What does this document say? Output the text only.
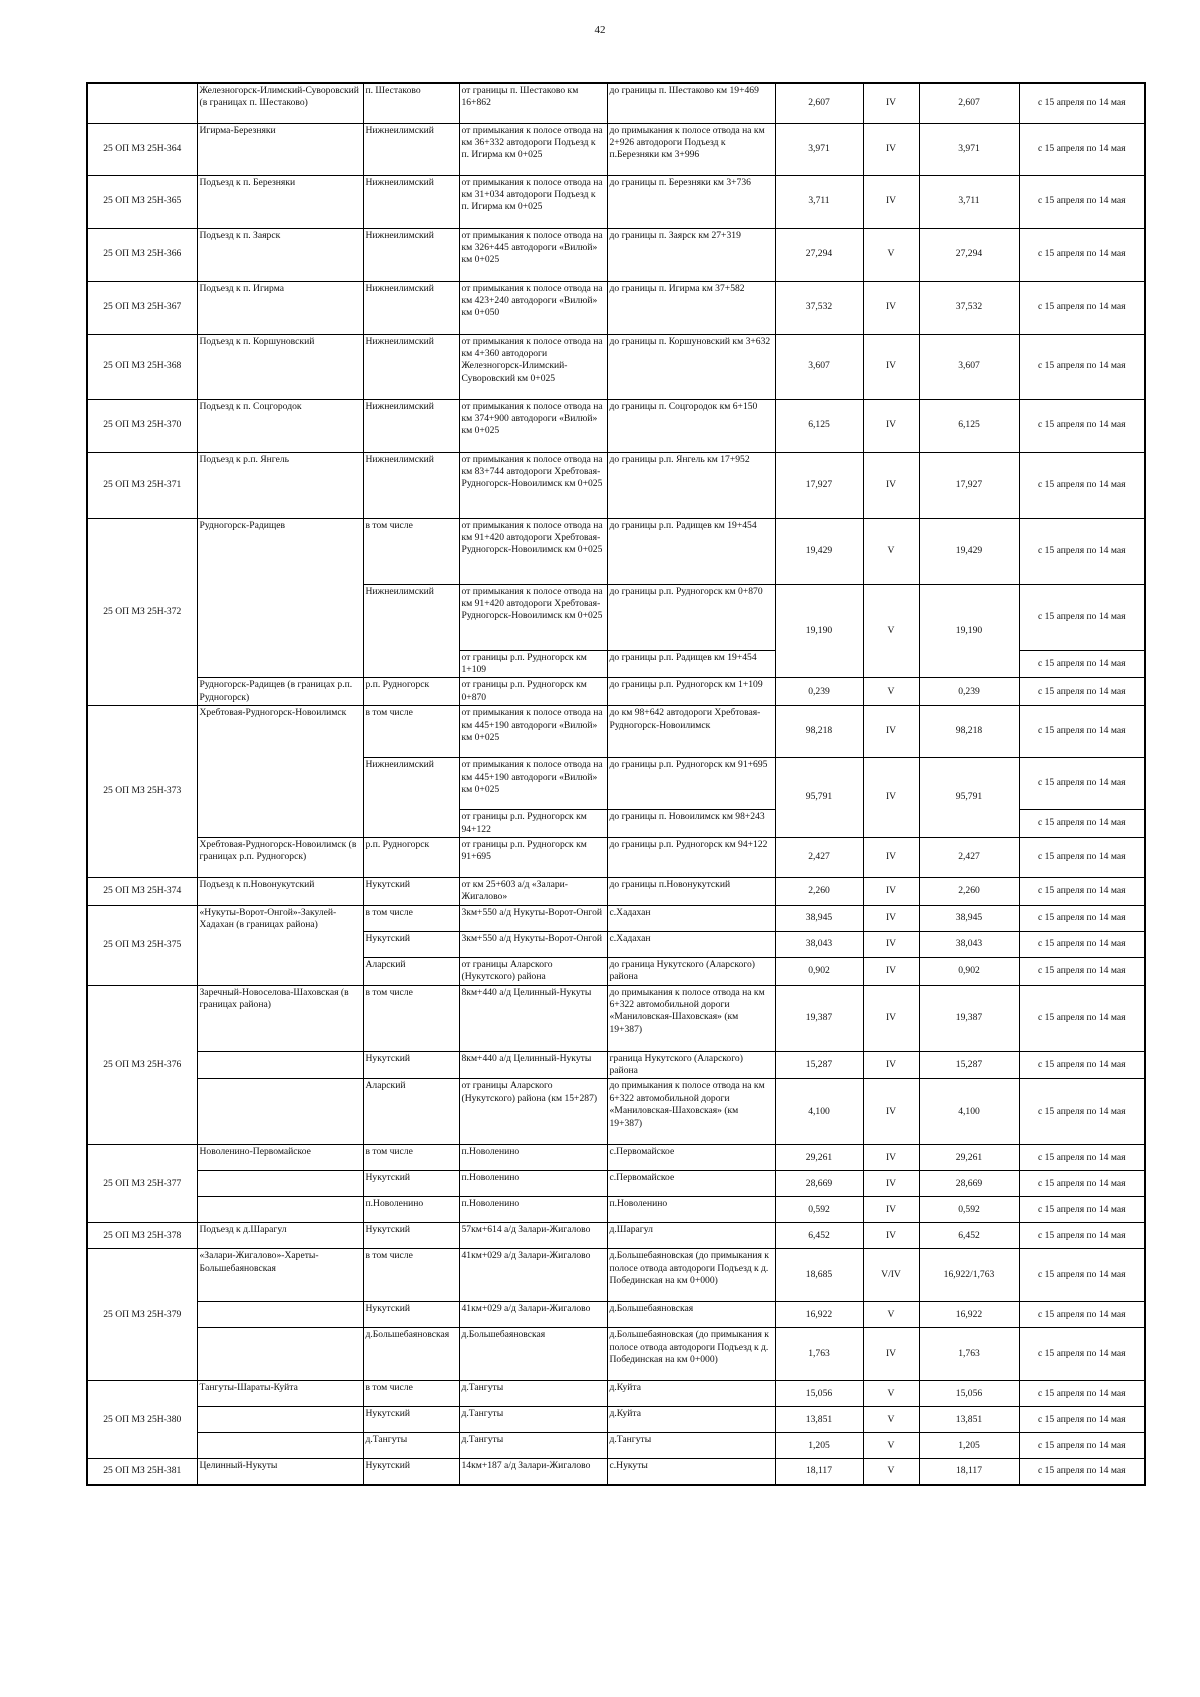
42
	Железногорск-Илимский-Суворовский (в границах п. Шестаково)	п. Шестаково	от границы п. Шестаково км 16+862	до границы п. Шестаково км 19+469	2,607	IV	2,607	с 15 апреля по 14 мая
25 ОП МЗ 25Н-364	Игирма-Березняки	Нижнеилимский	от примыкания к полосе отвода на км 36+332 автодороги Подъезд к п. Игирма км 0+025	до примыкания к полосе отвода на км 2+926 автодороги Подъезд к п.Березняки км 3+996	3,971	IV	3,971	с 15 апреля по 14 мая
25 ОП МЗ 25Н-365	Подъезд к п. Березняки	Нижнеилимский	от примыкания к полосе отвода на км 31+034 автодороги Подъезд к п. Игирма км 0+025	до границы п. Березняки км 3+736	3,711	IV	3,711	с 15 апреля по 14 мая
25 ОП МЗ 25Н-366	Подъезд к п. Заярск	Нижнеилимский	от примыкания к полосе отвода на км 326+445 автодороги «Вилюй» км 0+025	до границы п. Заярск км 27+319	27,294	V	27,294	с 15 апреля по 14 мая
25 ОП МЗ 25Н-367	Подъезд к п. Игирма	Нижнеилимский	от примыкания к полосе отвода на км 423+240 автодороги «Вилюй» км 0+050	до границы п. Игирма км 37+582	37,532	IV	37,532	с 15 апреля по 14 мая
25 ОП МЗ 25Н-368	Подъезд к п. Коршуновский	Нижнеилимский	от примыкания к полосе отвода на км 4+360 автодороги Железногорск-Илимский-Суворовский км 0+025	до границы п. Коршуновский км 3+632	3,607	IV	3,607	с 15 апреля по 14 мая
25 ОП МЗ 25Н-370	Подъезд к п. Соцгородок	Нижнеилимский	от примыкания к полосе отвода на км 374+900 автодороги «Вилюй» км 0+025	до границы п. Соцгородок км 6+150	6,125	IV	6,125	с 15 апреля по 14 мая
25 ОП МЗ 25Н-371	Подъезд к р.п. Янгель	Нижнеилимский	от примыкания к полосе отвода на км 83+744 автодороги Хребтовая-Рудногорск-Новоилимск км 0+025	до границы р.п. Янгель км 17+952	17,927	IV	17,927	с 15 апреля по 14 мая
25 ОП МЗ 25Н-372	Рудногорск-Радищев	в том числе	от примыкания к полосе отвода на км 91+420 автодороги Хребтовая-Рудногорск-Новоилимск км 0+025	до границы р.п. Радищев км 19+454	19,429	V	19,429	с 15 апреля по 14 мая
		Нижнеилимский	от примыкания к полосе отвода на км 91+420 автодороги Хребтовая-Рудногорск-Новоилимск км 0+025	до границы р.п. Рудногорск км 0+870	19,190	V	19,190	с 15 апреля по 14 мая
			от границы р.п. Рудногорск км 1+109	до границы р.п. Радищев км 19+454				с 15 апреля по 14 мая
	Рудногорск-Радищев (в границах р.п. Рудногорск)	р.п. Рудногорск	от границы р.п. Рудногорск км 0+870	до границы р.п. Рудногорск км 1+109	0,239	V	0,239	с 15 апреля по 14 мая
25 ОП МЗ 25Н-373	Хребтовая-Рудногорск-Новоилимск	в том числе	от примыкания к полосе отвода на км 445+190 автодороги «Вилюй» км 0+025	до км 98+642 автодороги Хребтовая-Рудногорск-Новоилимск	98,218	IV	98,218	с 15 апреля по 14 мая
		Нижнеилимский	от примыкания к полосе отвода на км 445+190 автодороги «Вилюй» км 0+025	до границы р.п. Рудногорск км 91+695	95,791	IV	95,791	с 15 апреля по 14 мая
			от границы р.п. Рудногорск км 94+122	до границы п. Новоилимск км 98+243				с 15 апреля по 14 мая
	Хребтовая-Рудногорск-Новоилимск (в границах р.п. Рудногорск)	р.п. Рудногорск	от границы р.п. Рудногорск км 91+695	до границы р.п. Рудногорск км 94+122	2,427	IV	2,427	с 15 апреля по 14 мая
25 ОП МЗ 25Н-374	Подъезд к п.Новонукутский	Нукутский	от км 25+603 а/д «Залари-Жигалово»	до границы п.Новонукутский	2,260	IV	2,260	с 15 апреля по 14 мая
25 ОП МЗ 25Н-375	«Нукуты-Ворот-Онгой»-Закулей-Хадахан (в границах района)	в том числе	3км+550 а/д Нукуты-Ворот-Онгой	с.Хадахан	38,945	IV	38,945	с 15 апреля по 14 мая
		Нукутский	3км+550 а/д Нукуты-Ворот-Онгой	с.Хадахан	38,043	IV	38,043	с 15 апреля по 14 мая
		Аларский	от границы Аларского (Нукутского) района	до граница Нукутского (Аларского) района	0,902	IV	0,902	с 15 апреля по 14 мая
25 ОП МЗ 25Н-376	Заречный-Новоселова-Шаховская (в границах района)	в том числе	8км+440 а/д Целинный-Нукуты	до примыкания к полосе отвода на км 6+322 автомобильной дороги «Маниловская-Шаховская» (км 19+387)	19,387	IV	19,387	с 15 апреля по 14 мая
		Нукутский	8км+440 а/д Целинный-Нукуты	граница Нукутского (Аларского) района	15,287	IV	15,287	с 15 апреля по 14 мая
		Аларский	от границы Аларского (Нукутского) района (км 15+287)	до примыкания к полосе отвода на км 6+322 автомобильной дороги «Маниловская-Шаховская» (км 19+387)	4,100	IV	4,100	с 15 апреля по 14 мая
25 ОП МЗ 25Н-377	Новоленино-Первомайское	в том числе	п.Новоленино	с.Первомайское	29,261	IV	29,261	с 15 апреля по 14 мая
		Нукутский	п.Новоленино	с.Первомайское	28,669	IV	28,669	с 15 апреля по 14 мая
		п.Новоленино	п.Новоленино	п.Новоленино	0,592	IV	0,592	с 15 апреля по 14 мая
25 ОП МЗ 25Н-378	Подъезд к д.Шарагул	Нукутский	57км+614 а/д Залари-Жигалово	д.Шарагул	6,452	IV	6,452	с 15 апреля по 14 мая
25 ОП МЗ 25Н-379	«Залари-Жигалово»-Хареты-Большебаяновская	в том числе	41км+029 а/д Залари-Жигалово	д.Большебаяновская (до примыкания к полосе отвода автодороги Подъезд к д. Побединская на км 0+000)	18,685	V/IV	16,922/1,763	с 15 апреля по 14 мая
		Нукутский	41км+029 а/д Залари-Жигалово	д.Большебаяновская	16,922	V	16,922	с 15 апреля по 14 мая
		д.Большебаяновская	д.Большебаяновская	д.Большебаяновская (до примыкания к полосе отвода автодороги Подъезд к д. Побединская на км 0+000)	1,763	IV	1,763	с 15 апреля по 14 мая
25 ОП МЗ 25Н-380	Тангуты-Шараты-Куйта	в том числе	д.Тангуты	д.Куйта	15,056	V	15,056	с 15 апреля по 14 мая
		Нукутский	д.Тангуты	д.Куйта	13,851	V	13,851	с 15 апреля по 14 мая
		д.Тангуты	д.Тангуты	д.Тангуты	1,205	V	1,205	с 15 апреля по 14 мая
25 ОП МЗ 25Н-381	Целинный-Нукуты	Нукутский	14км+187 а/д Залари-Жигалово	с.Нукуты	18,117	V	18,117	с 15 апреля по 14 мая
